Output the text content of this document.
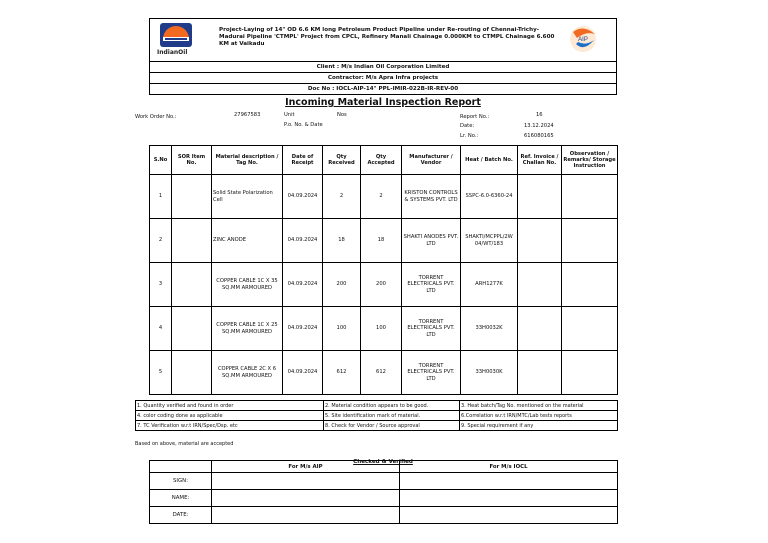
IndianOil
AIP
Project-Laying of 14" OD 6.6 KM long Petroleum Product Pipeline under Re-routing of Chennai-Trichy-Madurai Pipeline 'CTMPL' Project from CPCL, Refinery Manali Chainage 0.000KM to CTMPL Chainage 6.600 KM at Vaikadu
Client : M/s Indian Oil Corporation Limited
Contractor: M/s Apra Infra projects
Doc No : IOCL-AIP-14" PPL-IMIR-022B-IR-REV-00
Incoming Material Inspection Report
Work Order No.:	27967583	Unit	Nos
P.o. No. & Date
Report No.:	16
Date:	13.12.2024
Lr. No.:	616080165
S.No	SOR Item No.	Material description / Tag No.	Date of Receipt	Qty Received	Qty Accepted	Manufacturer / Vendor	Heat / Batch No.	Ref. Invoice / Challan No.	Observation / Remarks/ Storage Instruction
1		Solid State Polarization Cell	04.09.2024	2	2	KRISTON CONTROLS & SYSTEMS PVT. LTD	SSPC-6.0-6360-24		
2		ZINC ANODE	04.09.2024	18	18	SHAKTI ANODES PVT. LTD	SHAKTI/MCPPL/2W 04/WT/183		
3		COPPER CABLE 1C X 35 SQ.MM ARMOURED	04.09.2024	200	200	TORRENT ELECTRICALS PVT. LTD	ARH1277K		
4		COPPER CABLE 1C X 25 SQ.MM ARMOURED	04.09.2024	100	100	TORRENT ELECTRICALS PVT. LTD	33H0032K		
5		COPPER CABLE 2C X 6 SQ.MM ARMOURED	04.09.2024	612	612	TORRENT ELECTRICALS PVT. LTD	33H0030K		
1. Quantity verified and found in order	2. Material condition appears to be good.	3. Heat batch/Tag No. mentioned on the material
4. color coding done as applicable	5. Site identification mark of material.	6.Correlation w.r.t IRN/MTC/Lab tests reports
7. TC Verification w.r.t IRN/Spec/Dsp. etc	8. Check for Vendor / Source approval	9. Special requirement if any
Based on above, material are accepted
Checked & Verified
	For M/s AIP	For M/s IOCL
SIGN:		
NAME:		
DATE:		
